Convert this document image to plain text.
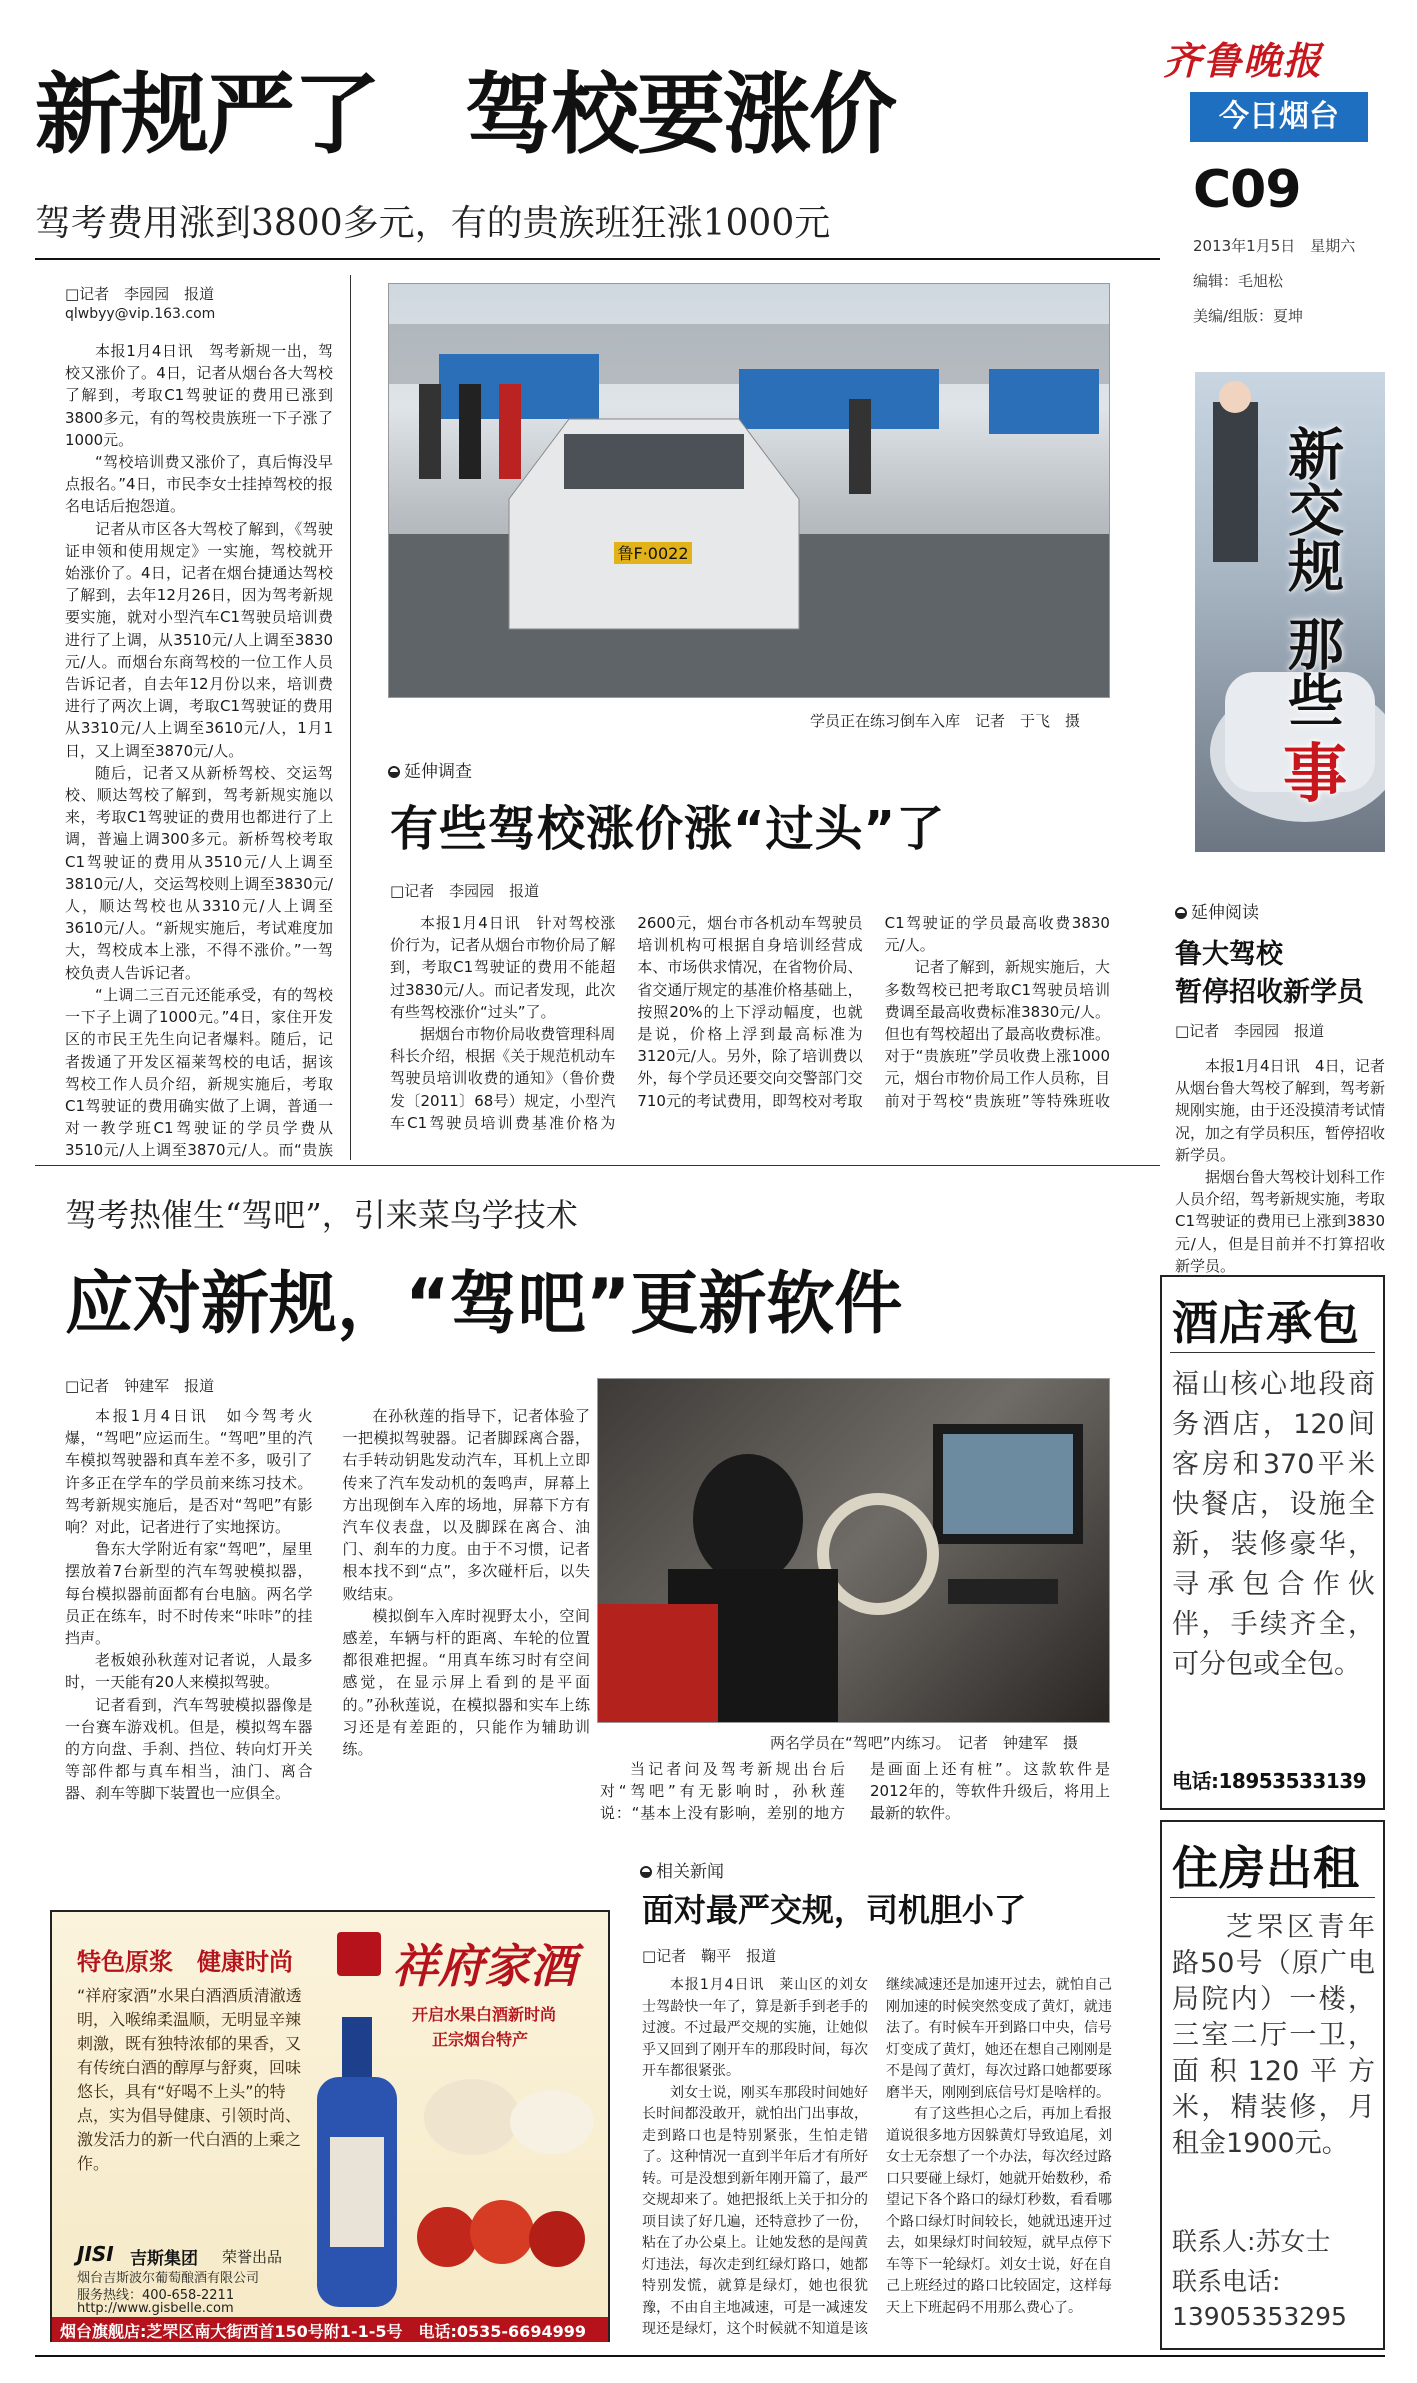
齐鲁晚报
今日烟台
C09
2013年1月5日　星期六
编辑：毛旭松
美编/组版：夏坤
新交规
那些
事
新规严了　驾校要涨价
驾考费用涨到3800多元，有的贵族班狂涨1000元
□记者　李园园　报道
qlwbyy@vip.163.com

本报1月4日讯　驾考新规一出，驾校又涨价了。4日，记者从烟台各大驾校了解到，考取C1驾驶证的费用已涨到3800多元，有的驾校贵族班一下子涨了1000元。

“驾校培训费又涨价了，真后悔没早点报名。”4日，市民李女士挂掉驾校的报名电话后抱怨道。

记者从市区各大驾校了解到，《驾驶证申领和使用规定》一实施，驾校就开始涨价了。4日，记者在烟台捷通达驾校了解到，去年12月26日，因为驾考新规要实施，就对小型汽车C1驾驶员培训费进行了上调，从3510元/人上调至3830元/人。而烟台东商驾校的一位工作人员告诉记者，自去年12月份以来，培训费进行了两次上调，考取C1驾驶证的费用从3310元/人上调至3610元/人，1月1日，又上调至3870元/人。

随后，记者又从新桥驾校、交运驾校、顺达驾校了解到，驾考新规实施以来，考取C1驾驶证的费用也都进行了上调，普遍上调300多元。新桥驾校考取C1驾驶证的费用从3510元/人上调至3810元/人，交运驾校则上调至3830元/人，顺达驾校也从3310元/人上调至3610元/人。“新规实施后，考试难度加大，驾校成本上涨，不得不涨价。”一驾校负责人告诉记者。

“上调二三百元还能承受，有的驾校一下子上调了1000元。”4日，家住开发区的市民王先生向记者爆料。随后，记者拨通了开发区福莱驾校的电话，据该驾校工作人员介绍，新规实施后，考取C1驾驶证的费用确实做了上调，普通一对一教学班C1驾驶证的学员学费从3510元/人上调至3870元/人。而“贵族

鲁F·0022
学员正在练习倒车入库　记者　于飞　摄
延伸调查
有些驾校涨价涨“过头”了
□记者　李园园　报道

本报1月4日讯　针对驾校涨价行为，记者从烟台市物价局了解到，考取C1驾驶证的费用不能超过3830元/人。而记者发现，此次有些驾校涨价“过头”了。

据烟台市物价局收费管理科周科长介绍，根据《关于规范机动车驾驶员培训收费的通知》（鲁价费发〔2011〕68号）规定，小型汽车C1驾驶员培训费基准价格为2600元，烟台市各机动车驾驶员培训机构可根据自身培训经营成本、市场供求情况，在省物价局、省交通厅规定的基准价格基础上，按照20%的上下浮动幅度，也就是说，价格上浮到最高标准为3120元/人。另外，除了培训费以外，每个学员还要交向交警部门交710元的考试费用，即驾校对考取C1驾驶证的学员最高收费3830元/人。

记者了解到，新规实施后，大多数驾校已把考取C1驾驶员培训费调至最高收费标准3830元/人。但也有驾校超出了最高收费标准。对于“贵族班”学员收费上涨1000元，烟台市物价局工作人员称，目前对于驾校“贵族班”等特殊班收

延伸阅读
鲁大驾校
暂停招收新学员
□记者　李园园　报道

本报1月4日讯　4日，记者从烟台鲁大驾校了解到，驾考新规刚实施，由于还没摸清考试情况，加之有学员积压，暂停招收新学员。

据烟台鲁大驾校计划科工作人员介绍，驾考新规实施，考取C1驾驶证的费用已上涨到3830元/人，但是目前并不打算招收新学员。

驾考热催生“驾吧”，引来菜鸟学技术
应对新规，“驾吧”更新软件
□记者　钟建军　报道

本报1月4日讯　如今驾考火爆，“驾吧”应运而生。“驾吧”里的汽车模拟驾驶器和真车差不多，吸引了许多正在学车的学员前来练习技术。驾考新规实施后，是否对“驾吧”有影响？对此，记者进行了实地探访。

鲁东大学附近有家“驾吧”，屋里摆放着7台新型的汽车驾驶模拟器，每台模拟器前面都有台电脑。两名学员正在练车，时不时传来“咔咔”的挂挡声。

老板娘孙秋莲对记者说，人最多时，一天能有20人来模拟驾驶。

记者看到，汽车驾驶模拟器像是一台赛车游戏机。但是，模拟驾车器的方向盘、手刹、挡位、转向灯开关等部件都与真车相当，油门、离合器、刹车等脚下装置也一应俱全。

在孙秋莲的指导下，记者体验了一把模拟驾驶器。记者脚踩离合器，右手转动钥匙发动汽车，耳机上立即传来了汽车发动机的轰鸣声，屏幕上方出现倒车入库的场地，屏幕下方有汽车仪表盘，以及脚踩在离合、油门、刹车的力度。由于不习惯，记者根本找不到“点”，多次碰杆后，以失败结束。

模拟倒车入库时视野太小，空间感差，车辆与杆的距离、车轮的位置都很难把握。“用真车练习时有空间感觉，在显示屏上看到的是平面的。”孙秋莲说，在模拟器和实车上练习还是有差距的，只能作为辅助训练。	两名学员在“驾吧”内练习。　记者　钟建军　摄
当记者问及驾考新规出台后对“驾吧”有无影响时，孙秋莲说：“基本上没有影响，差别的地方
是画面上还有桩”。这款软件是2012年的，等软件升级后，将用上最新的软件。
相关新闻
面对最严交规，司机胆小了
□记者　鞠平　报道

本报1月4日讯　莱山区的刘女士驾龄快一年了，算是新手到老手的过渡。不过最严交规的实施，让她似乎又回到了刚开车的那段时间，每次开车都很紧张。

刘女士说，刚买车那段时间她好长时间都没敢开，就怕出门出事故，走到路口也是特别紧张，生怕走错了。这种情况一直到半年后才有所好转。可是没想到新年刚开篇了，最严交规却来了。她把报纸上关于扣分的项目读了好几遍，还特意抄了一份，粘在了办公桌上。让她发愁的是闯黄灯违法，每次走到红绿灯路口，她都特别发慌，就算是绿灯，她也很犹豫，不由自主地减速，可是一减速发现还是绿灯，这个时候就不知道是该继续减速还是加速开过去，就怕自己刚加速的时候突然变成了黄灯，就违法了。有时候车开到路口中央，信号灯变成了黄灯，她还在想自己刚刚是不是闯了黄灯，每次过路口她都要琢磨半天，刚刚到底信号灯是啥样的。

有了这些担心之后，再加上看报道说很多地方因躲黄灯导致追尾，刘女士无奈想了一个办法，每次经过路口只要碰上绿灯，她就开始数秒，希望记下各个路口的绿灯秒数，看看哪个路口绿灯时间较长，她就迅速开过去，如果绿灯时间较短，就早点停下车等下一轮绿灯。刘女士说，好在自己上班经过的路口比较固定，这样每天上下班起码不用那么费心了。

特色原浆　健康时尚 祥府家酒
开启水果白酒新时尚
正宗烟台特产
“祥府家酒”水果白酒酒质清澈透明，入喉绵柔温顺，无明显辛辣刺激，既有独特浓郁的果香，又有传统白酒的醇厚与舒爽，回味悠长，具有“好喝不上头”的特点，实为倡导健康、引领时尚、激发活力的新一代白酒的上乘之作。
JISI 吉斯集团 荣誉出品
烟台吉斯波尔葡萄酿酒有限公司
服务热线：400-658-2211
http://www.gisbelle.com
烟台旗舰店:芝罘区南大街西首150号附1-1-5号　电话:0535-6694999
酒店承包
福山核心地段商务酒店，120间客房和370平米快餐店，设施全新，装修豪华，寻承包合作伙伴，手续齐全，可分包或全包。
电话:18953533139
住房出租
芝罘区青年路50号（原广电局院内）一楼，三室二厅一卫，面积120平方米，精装修，月租金1900元。
联系人:苏女士
联系电话:
13905353295
